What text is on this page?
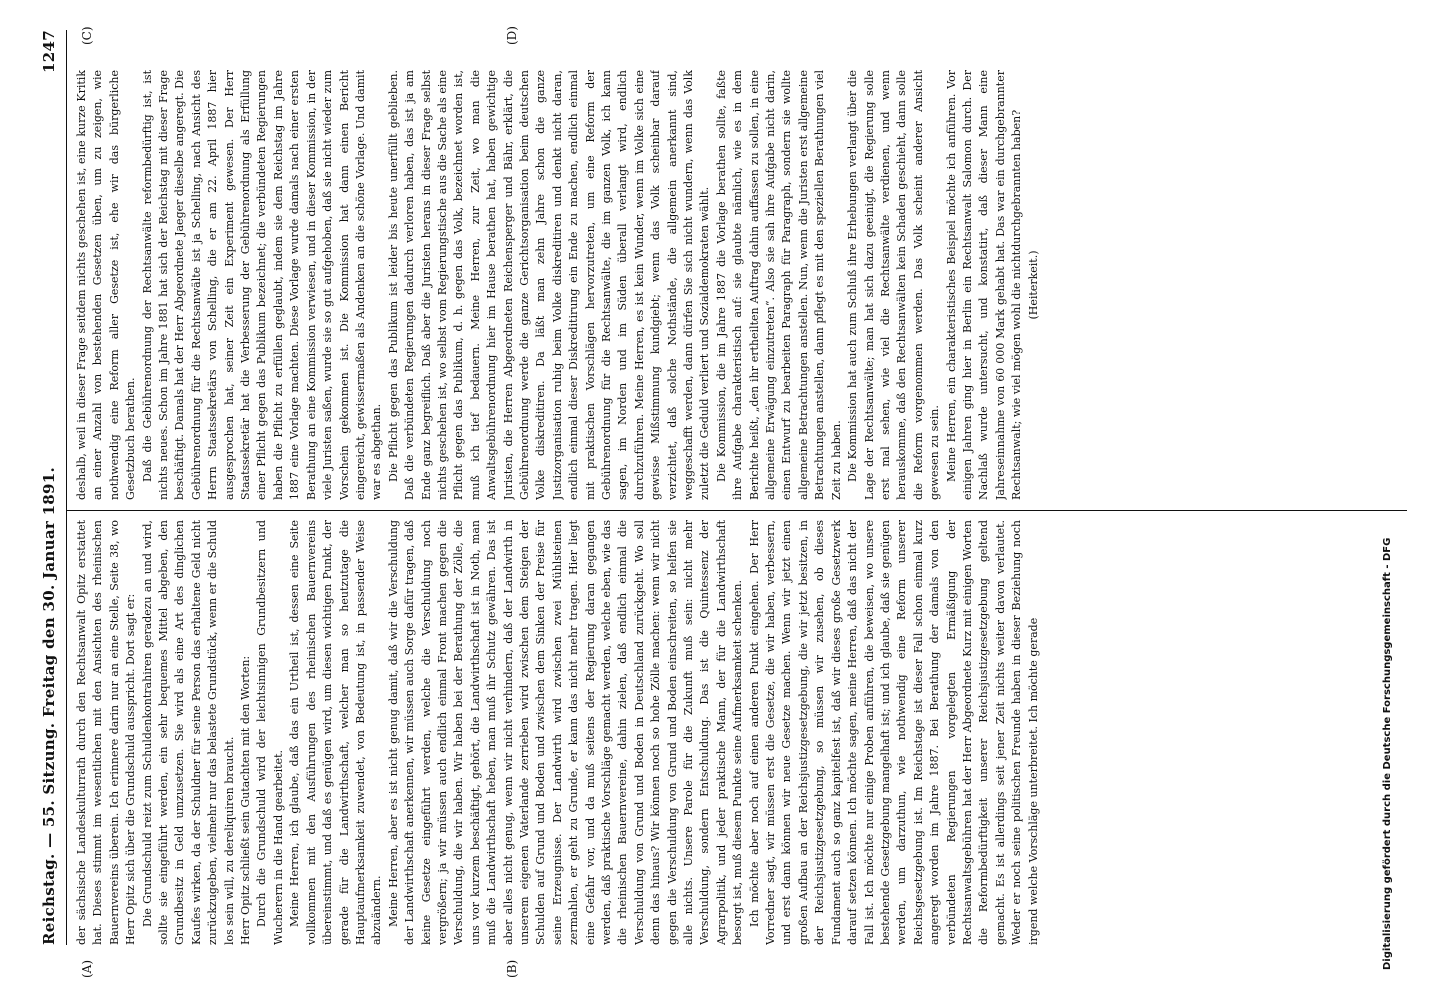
Reichstag. — 55. Sitzung. Freitag den 30. Januar 1891.
1247
(A)	(B)
(C)	(D)

der sächsische Landeskulturrath durch den Rechtsanwalt Opitz erstattet hat. Dieses stimmt im wesentlichen mit den Ansichten des rheinischen Bauernvereins überein. Ich erinnere darin nur an eine Stelle, Seite 38, wo Herr Opitz sich über die Grundschuld ausspricht. Dort sagt er: Die Grundschuld reizt zum Schuldenkontrahiren geradezu an und wird, sollte sie eingeführt werden, ein sehr bequemes Mittel abgeben, den Grundbesitz in Geld umzusetzen. Sie wird als eine Art des dinglichen Kaufes wirken, da der Schuldner für seine Person das erhaltene Geld nicht zurückzugeben, vielmehr nur das belastete Grundstück, wenn er die Schuld los sein will, zu dereliquiren braucht. Herr Opitz schließt sein Gutachten mit den Worten: Durch die Grundschuld wird der leichtsinnigen Grundbesitzern und Wucherern in die Hand gearbeitet. Meine Herren, ich glaube, daß das ein Urtheil ist, dessen eine Seite vollkommen mit den Ausführungen des rheinischen Bauernvereins übereinstimmt, und daß es genügen wird, um diesen wichtigen Punkt, der gerade für die Landwirthschaft, welcher man so heutzutage die Hauptaufmerksamkeit zuwendet, von Bedeutung ist, in passender Weise abzuändern. Meine Herren, aber es ist nicht genug damit, daß wir die Verschuldung der Landwirthschaft anerkennen, wir müssen auch Sorge dafür tragen, daß keine Gesetze eingeführt werden, welche die Verschuldung noch vergrößern; ja wir müssen auch endlich einmal Front machen gegen die Verschuldung, die wir haben. Wir haben bei der Berathung der Zölle, die uns vor kurzem beschäftigt, gehört, die Landwirthschaft ist in Noth, man muß die Landwirthschaft heben, man muß ihr Schutz gewähren. Das ist aber alles nicht genug, wenn wir nicht verhindern, daß der Landwirth in unserem eigenen Vaterlande zerrieben wird zwischen dem Steigen der Schulden auf Grund und Boden und zwischen dem Sinken der Preise für seine Erzeugnisse. Der Landwirth wird zwischen zwei Mühlsteinen zermahlen, er geht zu Grunde, er kann das nicht mehr tragen. Hier liegt eine Gefahr vor, und da muß seitens der Regierung daran gegangen werden, daß praktische Vorschläge gemacht werden, welche eben, wie das die rheinischen Bauernvereine, dahin zielen, daß endlich einmal die Verschuldung von Grund und Boden in Deutschland zurückgeht. Wo soll denn das hinaus? Wir können noch so hohe Zölle machen: wenn wir nicht gegen die Verschuldung von Grund und Boden einschreiten, so helfen sie alle nichts. Unsere Parole für die Zukunft muß sein: nicht mehr Verschuldung, sondern Entschuldung. Das ist die Quintessenz der Agrarpolitik, und jeder praktische Mann, der für die Landwirthschaft besorgt ist, muß diesem Punkte seine Aufmerksamkeit schenken. Ich möchte aber noch auf einen anderen Punkt eingehen. Der Herr Vorredner sagt, wir müssen erst die Gesetze, die wir haben, verbessern, und erst dann können wir neue Gesetze machen. Wenn wir jetzt einen großen Aufbau an der Reichsjustizgesetzgebung, die wir jetzt besitzen, in der Reichsjustizgesetzgebung, so müssen wir zusehen, ob dieses Fundament auch so ganz kapitelfest ist, daß wir dieses große Gesetzwerk darauf setzen können. Ich möchte sagen, meine Herren, daß das nicht der Fall ist. Ich möchte nur einige Proben anführen, die beweisen, wo unsere bestehende Gesetzgebung mangelhaft ist; und ich glaube, daß sie genügen werden, um darzuthun, wie nothwendig eine Reform unserer Reichsgesetzgebung ist. Im Reichstage ist dieser Fall schon einmal kurz angeregt worden im Jahre 1887. Bei Berathung der damals von den verbündeten Regierungen vorgelegten Ermäßigung der Rechtsanwaltsgebühren hat der Herr Abgeordnete Kurz mit einigen Worten die Reformbedürftigkeit unserer Reichsjustizgesetzgebung geltend gemacht. Es ist allerdings seit jener Zeit nichts weiter davon verlautet. Weder er noch seine politischen Freunde haben in dieser Beziehung noch irgend welche Vorschläge unterbreitet. Ich möchte gerade

deshalb, weil in dieser Frage seitdem nichts geschehen ist, eine kurze Kritik an einer Anzahl von bestehenden Gesetzen üben, um zu zeigen, wie nothwendig eine Reform aller Gesetze ist, ehe wir das bürgerliche Gesetzbuch berathen. Daß die Gebührenordnung der Rechtsanwälte reformbedürftig ist, ist nichts neues. Schon im Jahre 1881 hat sich der Reichstag mit dieser Frage beschäftigt. Damals hat der Herr Abgeordnete Jaeger dieselbe angeregt. Die Gebührenordnung für die Rechtsanwälte ist ja Schelling, nach Ansicht des Herrn Staatssekretärs von Schelling, die er am 22. April 1887 hier ausgesprochen hat, seiner Zeit ein Experiment gewesen. Der Herr Staatssekretär hat die Verbesserung der Gebührenordnung als Erfüllung einer Pflicht gegen das Publikum bezeichnet; die verbündeten Regierungen haben die Pflicht zu erfüllen geglaubt, indem sie dem Reichstag im Jahre 1887 eine Vorlage machten. Diese Vorlage wurde damals nach einer ersten Berathung an eine Kommission verwiesen, und in dieser Kommission, in der viele Juristen saßen, wurde sie so gut aufgehoben, daß sie nicht wieder zum Vorschein gekommen ist. Die Kommission hat dann einen Bericht eingereicht, gewissermaßen als Andenken an die schöne Vorlage. Und damit war es abgethan. Die Pflicht gegen das Publikum ist leider bis heute unerfüllt geblieben. Daß die verbündeten Regierungen dadurch verloren haben, das ist ja am Ende ganz begreiflich. Daß aber die Juristen herans in dieser Frage selbst nichts geschehen ist, wo selbst vom Regierungstische aus die Sache als eine Pflicht gegen das Publikum, d. h. gegen das Volk, bezeichnet worden ist, muß ich tief bedauern. Meine Herren, zur Zeit, wo man die Anwaltsgebührenordnung hier im Hause berathen hat, haben gewichtige Juristen, die Herren Abgeordneten Reichensperger und Bähr, erklärt, die Gebührenordnung werde die ganze Gerichtsorganisation beim deutschen Volke diskreditiren. Da läßt man zehn Jahre schon die ganze Justizorganisation ruhig beim Volke diskreditiren und denkt nicht daran, endlich einmal dieser Diskreditirung ein Ende zu machen, endlich einmal mit praktischen Vorschlägen hervorzutreten, um eine Reform der Gebührenordnung für die Rechtsanwälte, die im ganzen Volk, ich kann sagen, im Norden und im Süden überall verlangt wird, endlich durchzuführen. Meine Herren, es ist kein Wunder, wenn im Volke sich eine gewisse Mißstimmung kundgiebt; wenn das Volk scheinbar darauf verzichtet, daß solche Nothstände, die allgemein anerkannt sind, weggeschafft werden, dann dürfen Sie sich nicht wundern, wenn das Volk zuletzt die Geduld verliert und Sozialdemokraten wählt. Die Kommission, die im Jahre 1887 die Vorlage berathen sollte, faßte ihre Aufgabe charakteristisch auf: sie glaubte nämlich, wie es in dem Berichte heißt, „den ihr ertheilten Auftrag dahin auffassen zu sollen, in eine allgemeine Erwägung einzutreten“. Also sie sah ihre Aufgabe nicht darin, einen Entwurf zu bearbeiten Paragraph für Paragraph, sondern sie wollte allgemeine Betrachtungen anstellen. Nun, wenn die Juristen erst allgemeine Betrachtungen anstellen, dann pflegt es mit den speziellen Berathungen viel Zeit zu haben. Die Kommission hat auch zum Schluß ihre Erhebungen verlangt über die Lage der Rechtsanwälte; man hat sich dazu geeinigt, die Regierung solle erst mal sehen, wie viel die Rechtsanwälte verdienen, und wenn herauskomme, daß den Rechtsanwälten kein Schaden geschieht, dann solle die Reform vorgenommen werden. Das Volk scheint anderer Ansicht gewesen zu sein. Meine Herren, ein charakteristisches Beispiel möchte ich anführen. Vor einigen Jahren ging hier in Berlin ein Rechtsanwalt Salomon durch. Der Nachlaß wurde untersucht, und konstatirt, daß dieser Mann eine Jahreseinnahme von 60 000 Mark gehabt hat. Das war ein durchgebrannter Rechtsanwalt; wie viel mögen wohl die nichtdurchgebrannten haben? (Heiterkeit.)

Digitalisierung gefördert durch die Deutsche Forschungsgemeinschaft - DFG
